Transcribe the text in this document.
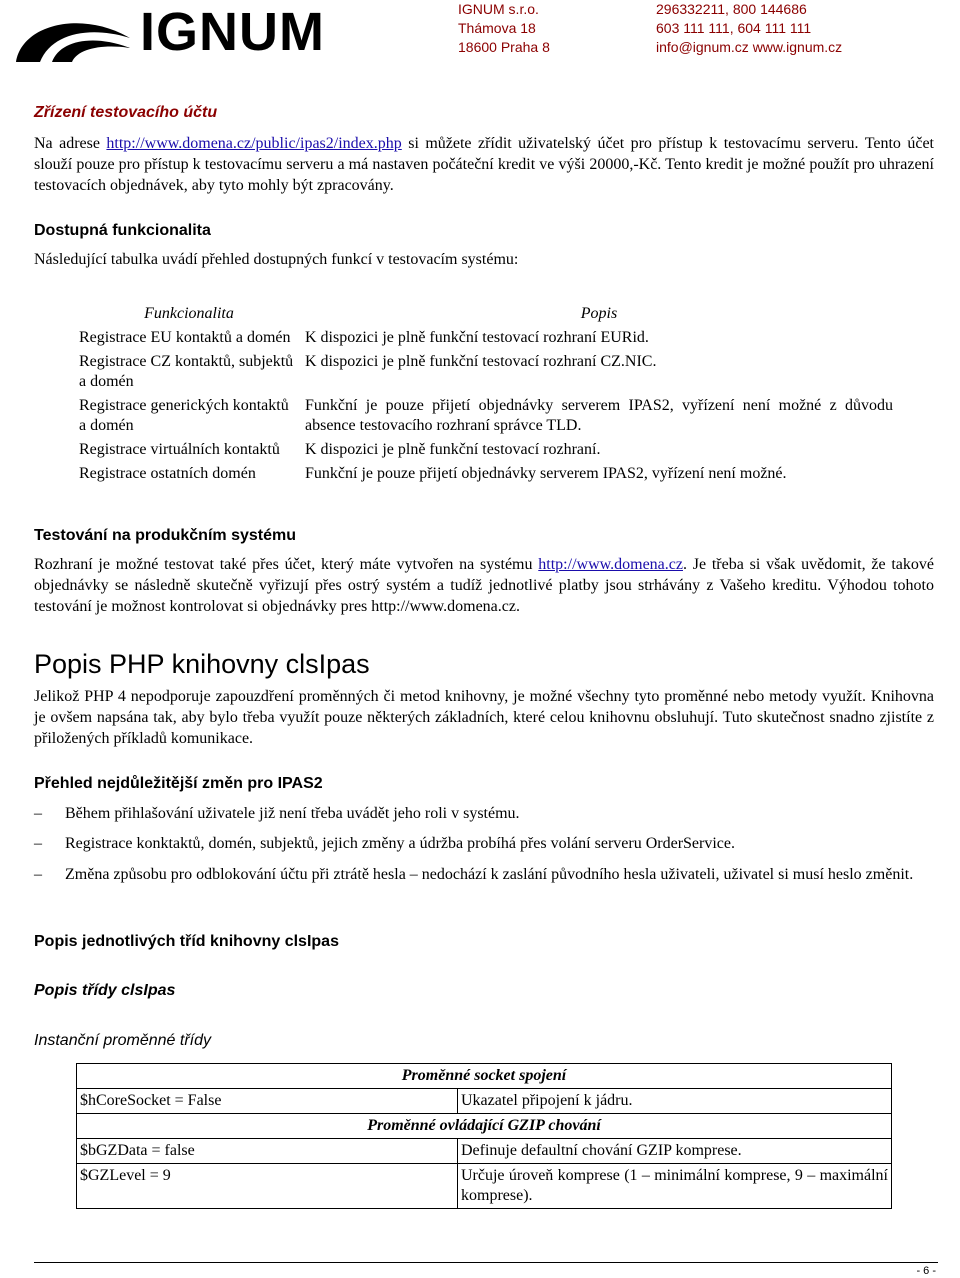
IGNUM	IGNUM s.r.o.
Thámova 18
18600 Praha 8
296332211, 800 144686
603 111 111, 604 111 111
info@ignum.cz www.ignum.cz
Zřízení testovacího účtu
Na adrese http://www.domena.cz/public/ipas2/index.php si můžete zřídit uživatelský účet pro přístup k testovacímu serveru. Tento účet slouží pouze pro přístup k testovacímu serveru a má nastaven počáteční kredit ve výši 20000,-Kč. Tento kredit je možné použít pro uhrazení testovacích objednávek, aby tyto mohly být zpracovány.
Dostupná funkcionalita
Následující tabulka uvádí přehled dostupných funkcí v testovacím systému:
Funkcionalita	Popis
Registrace EU kontaktů a domén	K dispozici je plně funkční testovací rozhraní EURid.
Registrace CZ kontaktů, subjektů a domén	K dispozici je plně funkční testovací rozhraní CZ.NIC.
Registrace generických kontaktů a domén	Funkční je pouze přijetí objednávky serverem IPAS2, vyřízení není možné z důvodu absence testovacího rozhraní správce TLD.
Registrace virtuálních kontaktů	K dispozici je plně funkční testovací rozhraní.
Registrace ostatních domén	Funkční je pouze přijetí objednávky serverem IPAS2, vyřízení není možné.
Testování na produkčním systému
Rozhraní je možné testovat také přes účet, který máte vytvořen na systému http://www.domena.cz. Je třeba si však uvědomit, že takové objednávky se následně skutečně vyřizují přes ostrý systém a tudíž jednotlivé platby jsou strhávány z Vašeho kreditu. Výhodou tohoto testování je možnost kontrolovat si objednávky pres http://www.domena.cz.
Popis PHP knihovny clsIpas
Jelikož PHP 4 nepodporuje zapouzdření proměnných či metod knihovny, je možné všechny tyto proměnné nebo metody využít. Knihovna je ovšem napsána tak, aby bylo třeba využít pouze některých základních, které celou knihovnu obsluhují. Tuto skutečnost snadno zjistíte z přiložených příkladů komunikace.
Přehled nejdůležitější změn pro IPAS2
–	Během přihlašování uživatele již není třeba uvádět jeho roli v systému.
–	Registrace konktaktů, domén, subjektů, jejich změny a údržba probíhá přes volání serveru OrderService.
–	Změna způsobu pro odblokování účtu při ztrátě hesla – nedochází k zaslání původního hesla uživateli, uživatel si musí heslo změnit.
Popis jednotlivých tříd knihovny clsIpas
Popis třídy clsIpas
Instanční proměnné třídy
Proměnné socket spojení	
$hCoreSocket = False	Ukazatel připojení k jádru.
Proměnné ovládající GZIP chování	
$bGZData = false	Definuje defaultní chování GZIP komprese.
$GZLevel = 9	Určuje úroveň komprese (1 – minimální komprese, 9 – maximální komprese).
- 6 -
